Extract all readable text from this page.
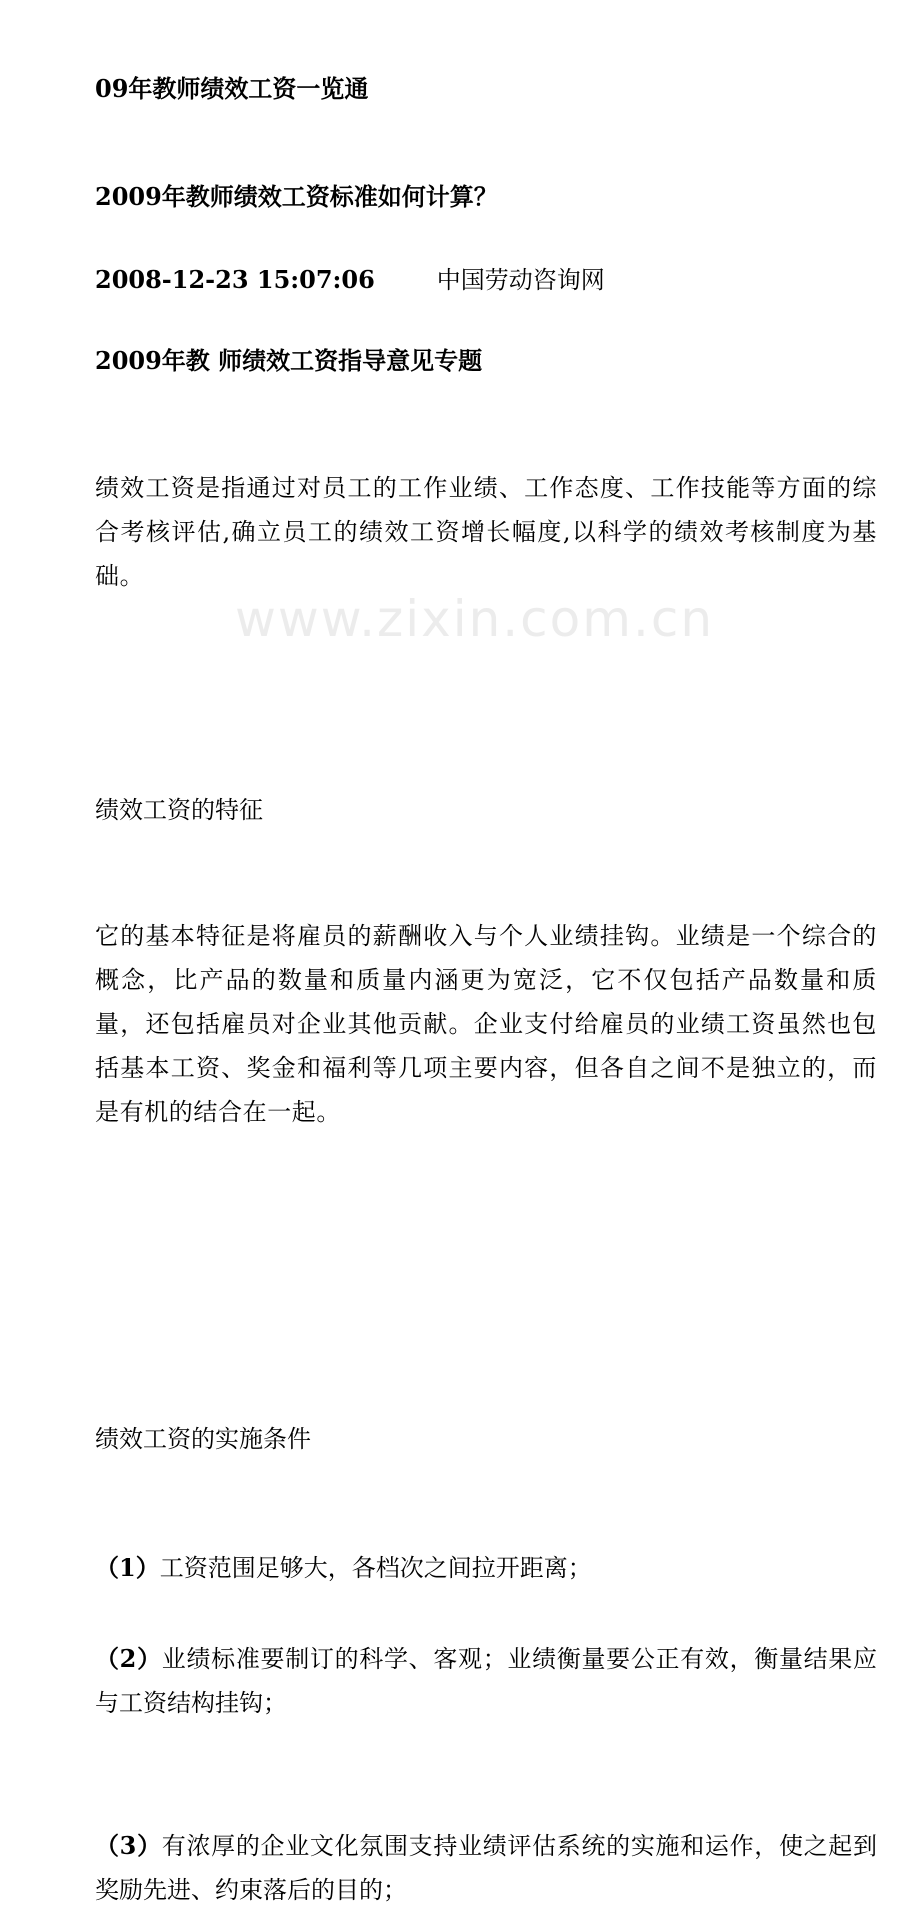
www.zixin.com.cn
09年教师绩效工资一览通
2009年教师绩效工资标准如何计算？
2008-12-23 15:07:06	中国劳动咨询网
2009年教 师绩效工资指导意见专题
绩效工资是指通过对员工的工作业绩、工作态度、工作技能等方面的综合考核评估,确立员工的绩效工资增长幅度,以科学的绩效考核制度为基础。
绩效工资的特征
它的基本特征是将雇员的薪酬收入与个人业绩挂钩。业绩是一个综合的概念，比产品的数量和质量内涵更为宽泛，它不仅包括产品数量和质量，还包括雇员对企业其他贡献。企业支付给雇员的业绩工资虽然也包括基本工资、奖金和福利等几项主要内容，但各自之间不是独立的，而是有机的结合在一起。
绩效工资的实施条件
（1）工资范围足够大，各档次之间拉开距离；
（2）业绩标准要制订的科学、客观；业绩衡量要公正有效，衡量结果应与工资结构挂钩；
（3）有浓厚的企业文化氛围支持业绩评估系统的实施和运作，使之起到奖励先进、约束落后的目的；
